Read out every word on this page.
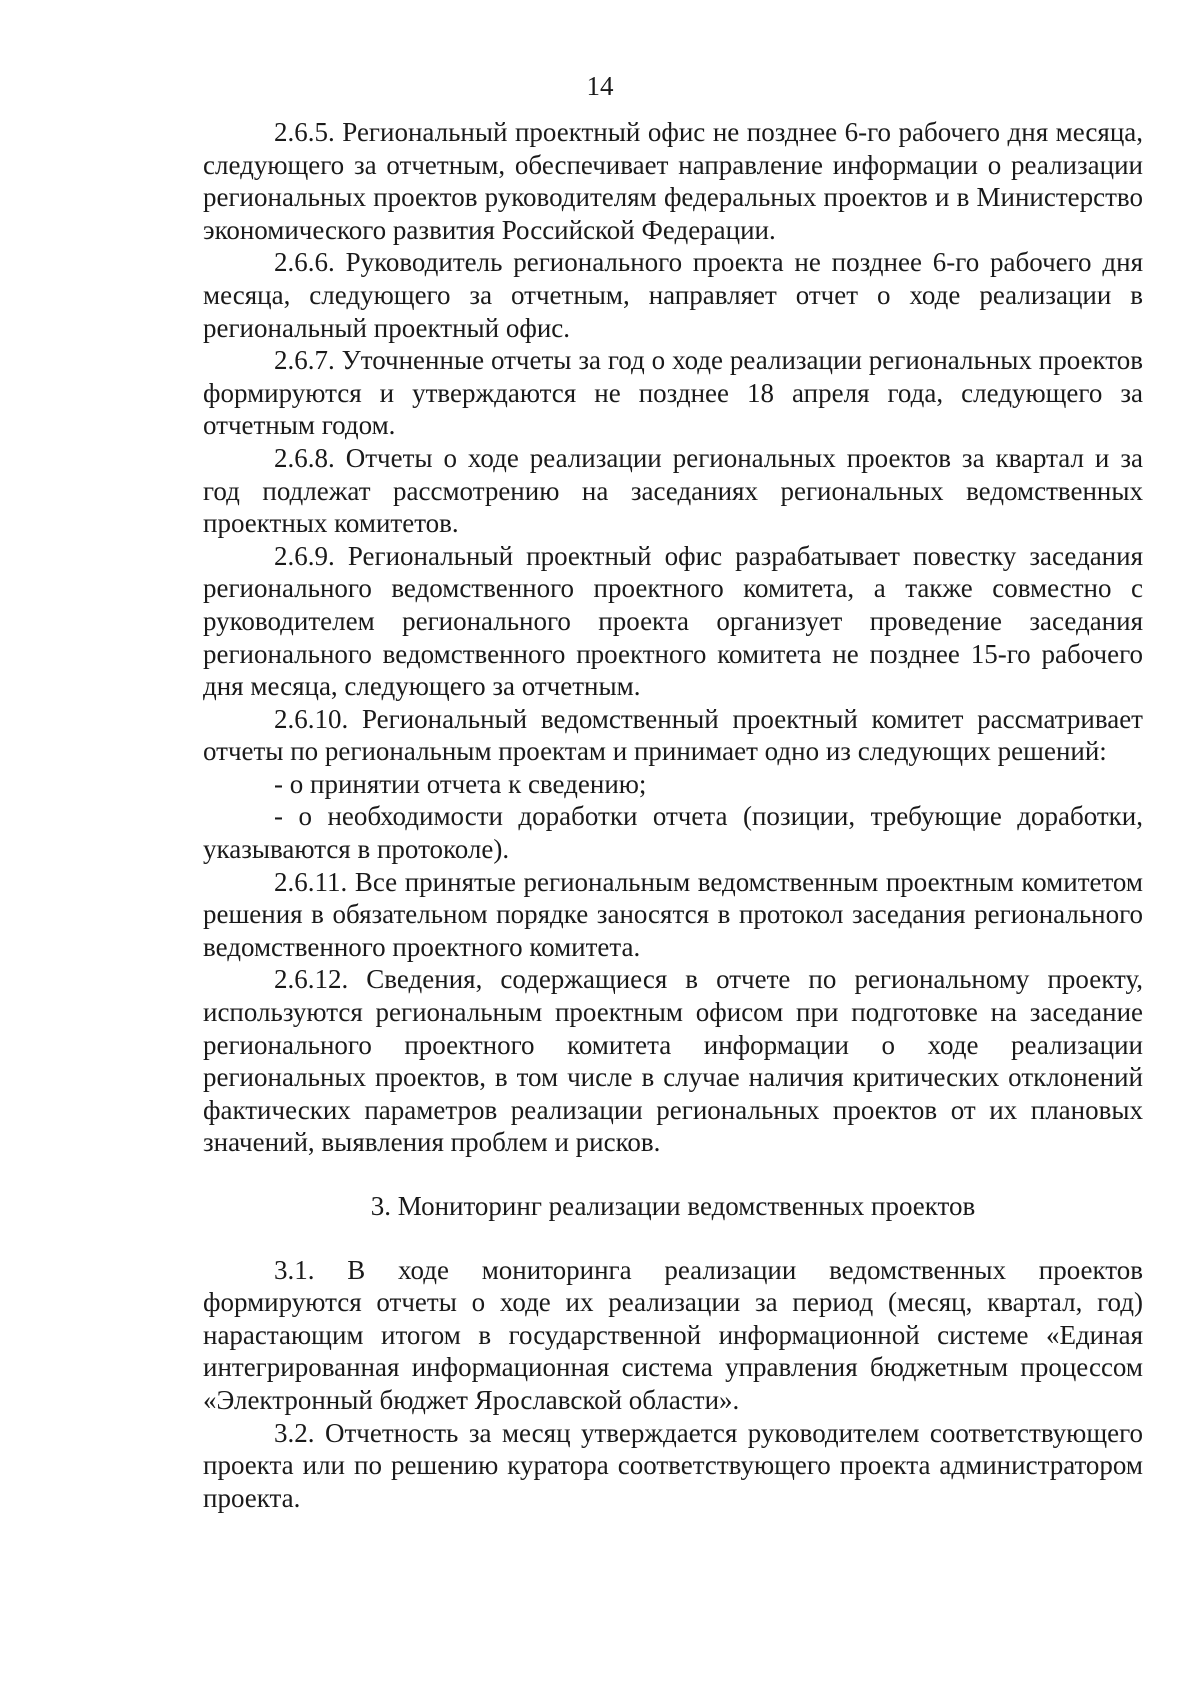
14

2.6.5. Региональный проектный офис не позднее 6-го рабочего дня месяца, следующего за отчетным, обеспечивает направление информации о реализации региональных проектов руководителям федеральных проектов и в Министерство экономического развития Российской Федерации.

2.6.6. Руководитель регионального проекта не позднее 6-го рабочего дня месяца, следующего за отчетным, направляет отчет о ходе реализации в региональный проектный офис.

2.6.7. Уточненные отчеты за год о ходе реализации региональных проектов формируются и утверждаются не позднее 18 апреля года, следующего за отчетным годом.

2.6.8. Отчеты о ходе реализации региональных проектов за квартал и за год подлежат рассмотрению на заседаниях региональных ведомственных проектных комитетов.

2.6.9. Региональный проектный офис разрабатывает повестку заседания регионального ведомственного проектного комитета, а также совместно с руководителем регионального проекта организует проведение заседания регионального ведомственного проектного комитета не позднее 15-го рабочего дня месяца, следующего за отчетным.

2.6.10. Региональный ведомственный проектный комитет рассматривает отчеты по региональным проектам и принимает одно из следующих решений:

- о принятии отчета к сведению;

- о необходимости доработки отчета (позиции, требующие доработки, указываются в протоколе).

2.6.11. Все принятые региональным ведомственным проектным комитетом решения в обязательном порядке заносятся в протокол заседания регионального ведомственного проектного комитета.

2.6.12. Сведения, содержащиеся в отчете по региональному проекту, используются региональным проектным офисом при подготовке на заседание регионального проектного комитета информации о ходе реализации региональных проектов, в том числе в случае наличия критических отклонений фактических параметров реализации региональных проектов от их плановых значений, выявления проблем и рисков.

3. Мониторинг реализации ведомственных проектов

3.1. В ходе мониторинга реализации ведомственных проектов формируются отчеты о ходе их реализации за период (месяц, квартал, год) нарастающим итогом в государственной информационной системе «Единая интегрированная информационная система управления бюджетным процессом «Электронный бюджет Ярославской области».

3.2. Отчетность за месяц утверждается руководителем соответствующего проекта или по решению куратора соответствующего проекта администратором проекта.
